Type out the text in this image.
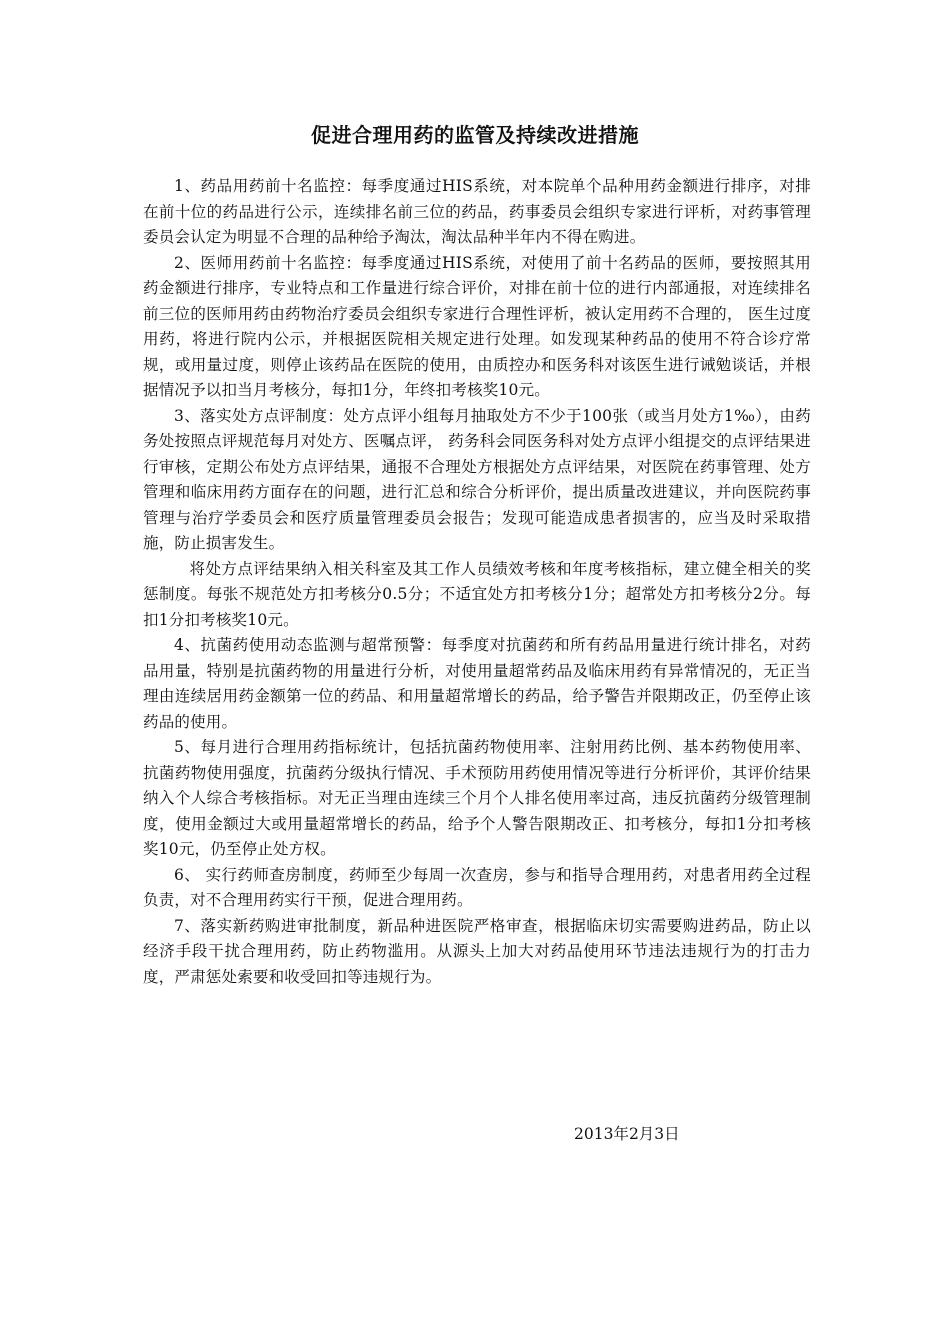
促进合理用药的监管及持续改进措施

1、药品用药前十名监控：每季度通过HIS系统，对本院单个品种用药金额进行排序，对排在前十位的药品进行公示，连续排名前三位的药品，药事委员会组织专家进行评析，对药事管理委员会认定为明显不合理的品种给予淘汰，淘汰品种半年内不得在购进。

2、医师用药前十名监控：每季度通过HIS系统，对使用了前十名药品的医师，要按照其用药金额进行排序，专业特点和工作量进行综合评价，对排在前十位的进行内部通报，对连续排名前三位的医师用药由药物治疗委员会组织专家进行合理性评析，被认定用药不合理的， 医生过度用药，将进行院内公示，并根据医院相关规定进行处理。如发现某种药品的使用不符合诊疗常规，或用量过度，则停止该药品在医院的使用，由质控办和医务科对该医生进行诫勉谈话，并根据情况予以扣当月考核分，每扣1分，年终扣考核奖10元。

3、落实处方点评制度：处方点评小组每月抽取处方不少于100张（或当月处方1‰），由药务处按照点评规范每月对处方、医嘱点评， 药务科会同医务科对处方点评小组提交的点评结果进行审核，定期公布处方点评结果，通报不合理处方根据处方点评结果，对医院在药事管理、处方管理和临床用药方面存在的问题，进行汇总和综合分析评价，提出质量改进建议，并向医院药事管理与治疗学委员会和医疗质量管理委员会报告；发现可能造成患者损害的，应当及时采取措施，防止损害发生。

将处方点评结果纳入相关科室及其工作人员绩效考核和年度考核指标，建立健全相关的奖惩制度。每张不规范处方扣考核分0.5分；不适宜处方扣考核分1分；超常处方扣考核分2分。每扣1分扣考核奖10元。

4、抗菌药使用动态监测与超常预警：每季度对抗菌药和所有药品用量进行统计排名，对药品用量，特别是抗菌药物的用量进行分析，对使用量超常药品及临床用药有异常情况的，无正当理由连续居用药金额第一位的药品、和用量超常增长的药品，给予警告并限期改正，仍至停止该药品的使用。

5、每月进行合理用药指标统计，包括抗菌药物使用率、注射用药比例、基本药物使用率、抗菌药物使用强度，抗菌药分级执行情况、手术预防用药使用情况等进行分析评价，其评价结果纳入个人综合考核指标。对无正当理由连续三个月个人排名使用率过高，违反抗菌药分级管理制度，使用金额过大或用量超常增长的药品，给予个人警告限期改正、扣考核分，每扣1分扣考核奖10元，仍至停止处方权。

6、 实行药师查房制度，药师至少每周一次查房，参与和指导合理用药，对患者用药全过程负责，对不合理用药实行干预，促进合理用药。

7、落实新药购进审批制度，新品种进医院严格审查，根据临床切实需要购进药品，防止以经济手段干扰合理用药，防止药物滥用。从源头上加大对药品使用环节违法违规行为的打击力度，严肃惩处索要和收受回扣等违规行为。

2013年2月3日
